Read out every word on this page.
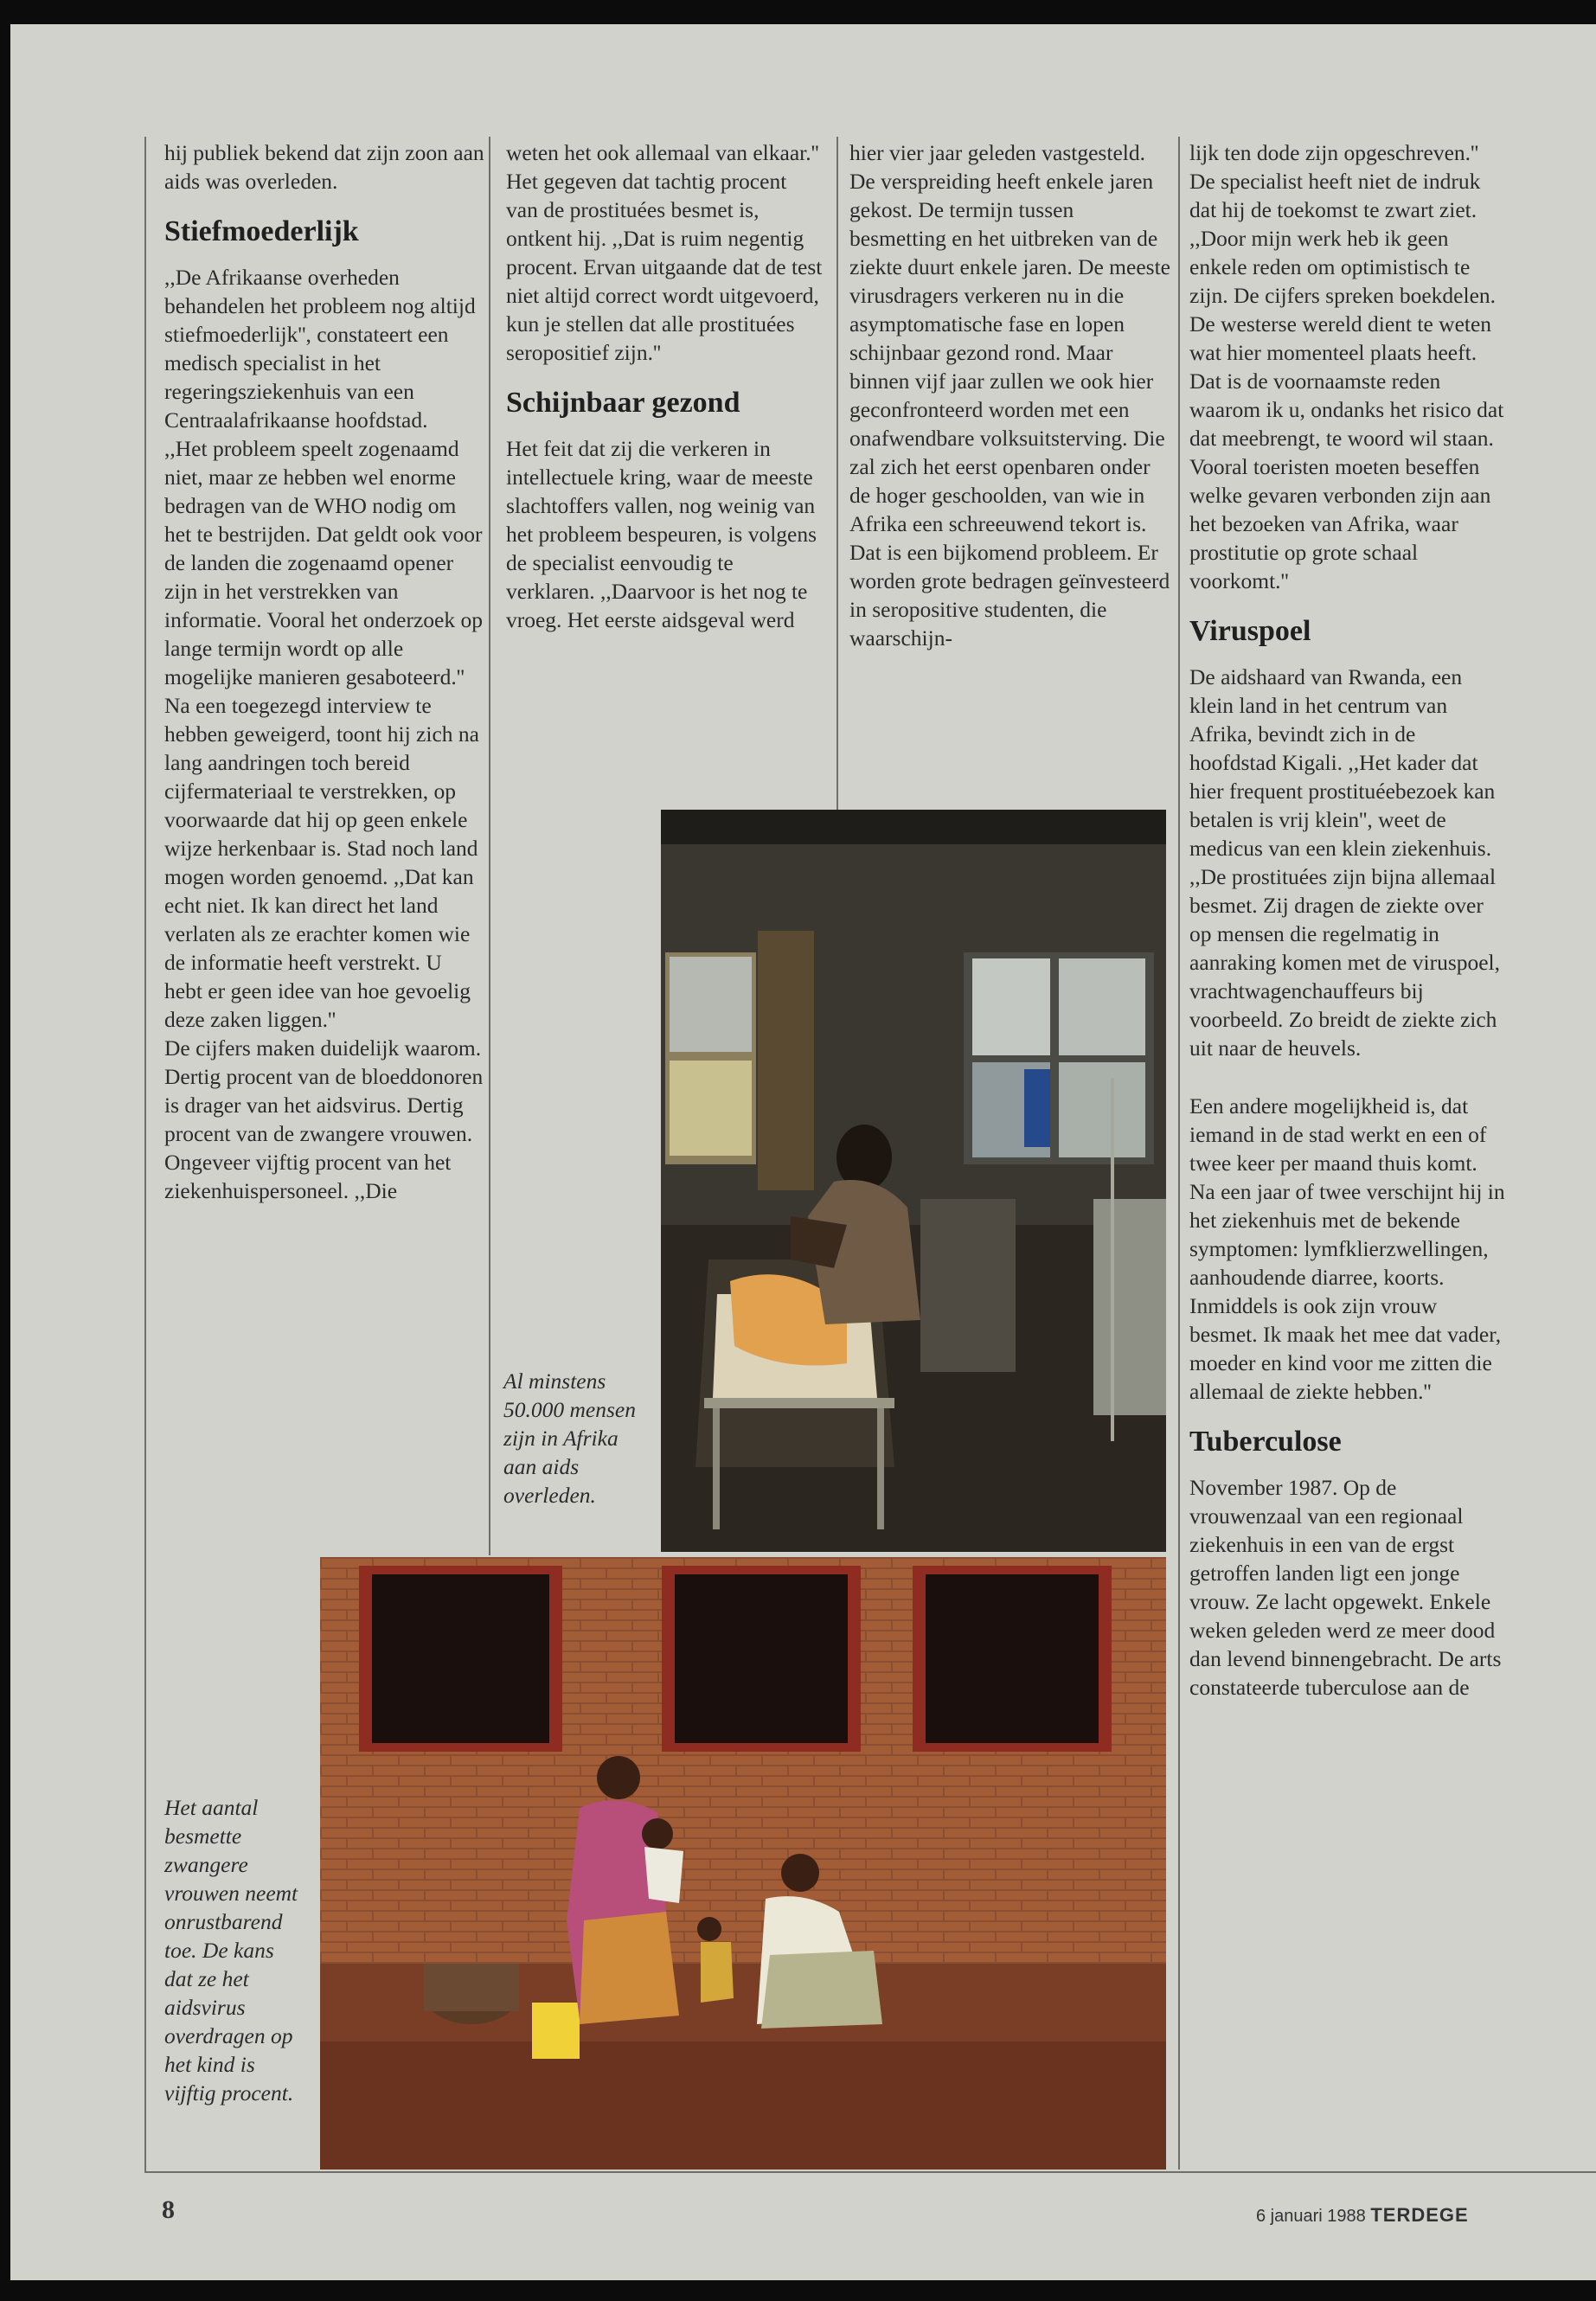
hij publiek bekend dat zijn zoon aan aids was overleden.

Stiefmoederlijk

,,De Afrikaanse overheden behandelen het probleem nog altijd stiefmoederlijk'', constateert een medisch specialist in het regeringsziekenhuis van een Centraalafrikaanse hoofdstad.

,,Het probleem speelt zogenaamd niet, maar ze hebben wel enorme bedragen van de WHO nodig om het te bestrijden. Dat geldt ook voor de landen die zogenaamd opener zijn in het verstrekken van informatie. Vooral het onderzoek op lange termijn wordt op alle mogelijke manieren gesaboteerd.''

Na een toegezegd interview te hebben geweigerd, toont hij zich na lang aandringen toch bereid cijfermateriaal te verstrekken, op voorwaarde dat hij op geen enkele wijze herkenbaar is. Stad noch land mogen worden genoemd. ,,Dat kan echt niet. Ik kan direct het land verlaten als ze erachter komen wie de informatie heeft verstrekt. U hebt er geen idee van hoe gevoelig deze zaken liggen.''

De cijfers maken duidelijk waarom. Dertig procent van de bloeddonoren is drager van het aidsvirus. Dertig procent van de zwangere vrouwen. Ongeveer vijftig procent van het ziekenhuispersoneel. ,,Die

weten het ook allemaal van elkaar.'' Het gegeven dat tachtig procent van de prostituées besmet is, ontkent hij. ,,Dat is ruim negentig procent. Ervan uitgaande dat de test niet altijd correct wordt uitgevoerd, kun je stellen dat alle prostituées seropositief zijn.''

Schijnbaar gezond

Het feit dat zij die verkeren in intellectuele kring, waar de meeste slachtoffers vallen, nog weinig van het probleem bespeuren, is volgens de specialist eenvoudig te verklaren. ,,Daarvoor is het nog te vroeg. Het eerste aidsgeval werd

hier vier jaar geleden vastgesteld. De verspreiding heeft enkele jaren gekost. De termijn tussen besmetting en het uitbreken van de ziekte duurt enkele jaren. De meeste virusdragers verkeren nu in die asymptomatische fase en lopen schijnbaar gezond rond. Maar binnen vijf jaar zullen we ook hier geconfronteerd worden met een onafwendbare volksuitsterving. Die zal zich het eerst openbaren onder de hoger geschoolden, van wie in Afrika een schreeuwend tekort is. Dat is een bijkomend probleem. Er worden grote bedragen geïnvesteerd in seropositive studenten, die waarschijn-

lijk ten dode zijn opgeschreven.''

De specialist heeft niet de indruk dat hij de toekomst te zwart ziet.

,,Door mijn werk heb ik geen enkele reden om optimistisch te zijn. De cijfers spreken boekdelen. De westerse wereld dient te weten wat hier momenteel plaats heeft. Dat is de voornaamste reden waarom ik u, ondanks het risico dat dat meebrengt, te woord wil staan. Vooral toeristen moeten beseffen welke gevaren verbonden zijn aan het bezoeken van Afrika, waar prostitutie op grote schaal voorkomt.''

Viruspoel

De aidshaard van Rwanda, een klein land in het centrum van Afrika, bevindt zich in de hoofdstad Kigali. ,,Het kader dat hier frequent prostituéebezoek kan betalen is vrij klein'', weet de medicus van een klein ziekenhuis. ,,De prostituées zijn bijna allemaal besmet. Zij dragen de ziekte over op mensen die regelmatig in aanraking komen met de viruspoel, vrachtwagenchauffeurs bij voorbeeld. Zo breidt de ziekte zich uit naar de heuvels.

Een andere mogelijkheid is, dat iemand in de stad werkt en een of twee keer per maand thuis komt. Na een jaar of twee verschijnt hij in het ziekenhuis met de bekende symptomen: lymfklierzwellingen, aanhoudende diarree, koorts. Inmiddels is ook zijn vrouw besmet. Ik maak het mee dat vader, moeder en kind voor me zitten die allemaal de ziekte hebben.''

Tuberculose

November 1987. Op de vrouwenzaal van een regionaal ziekenhuis in een van de ergst getroffen landen ligt een jonge vrouw. Ze lacht opgewekt. Enkele weken geleden werd ze meer dood dan levend binnengebracht. De arts constateerde tuberculose aan de

Al minstens 50.000 mensen zijn in Afrika aan aids overleden.
Het aantal besmette zwangere vrouwen neemt onrustbarend toe. De kans dat ze het aidsvirus overdragen op het kind is vijftig procent.
8	6 januari 1988 TERDEGE
